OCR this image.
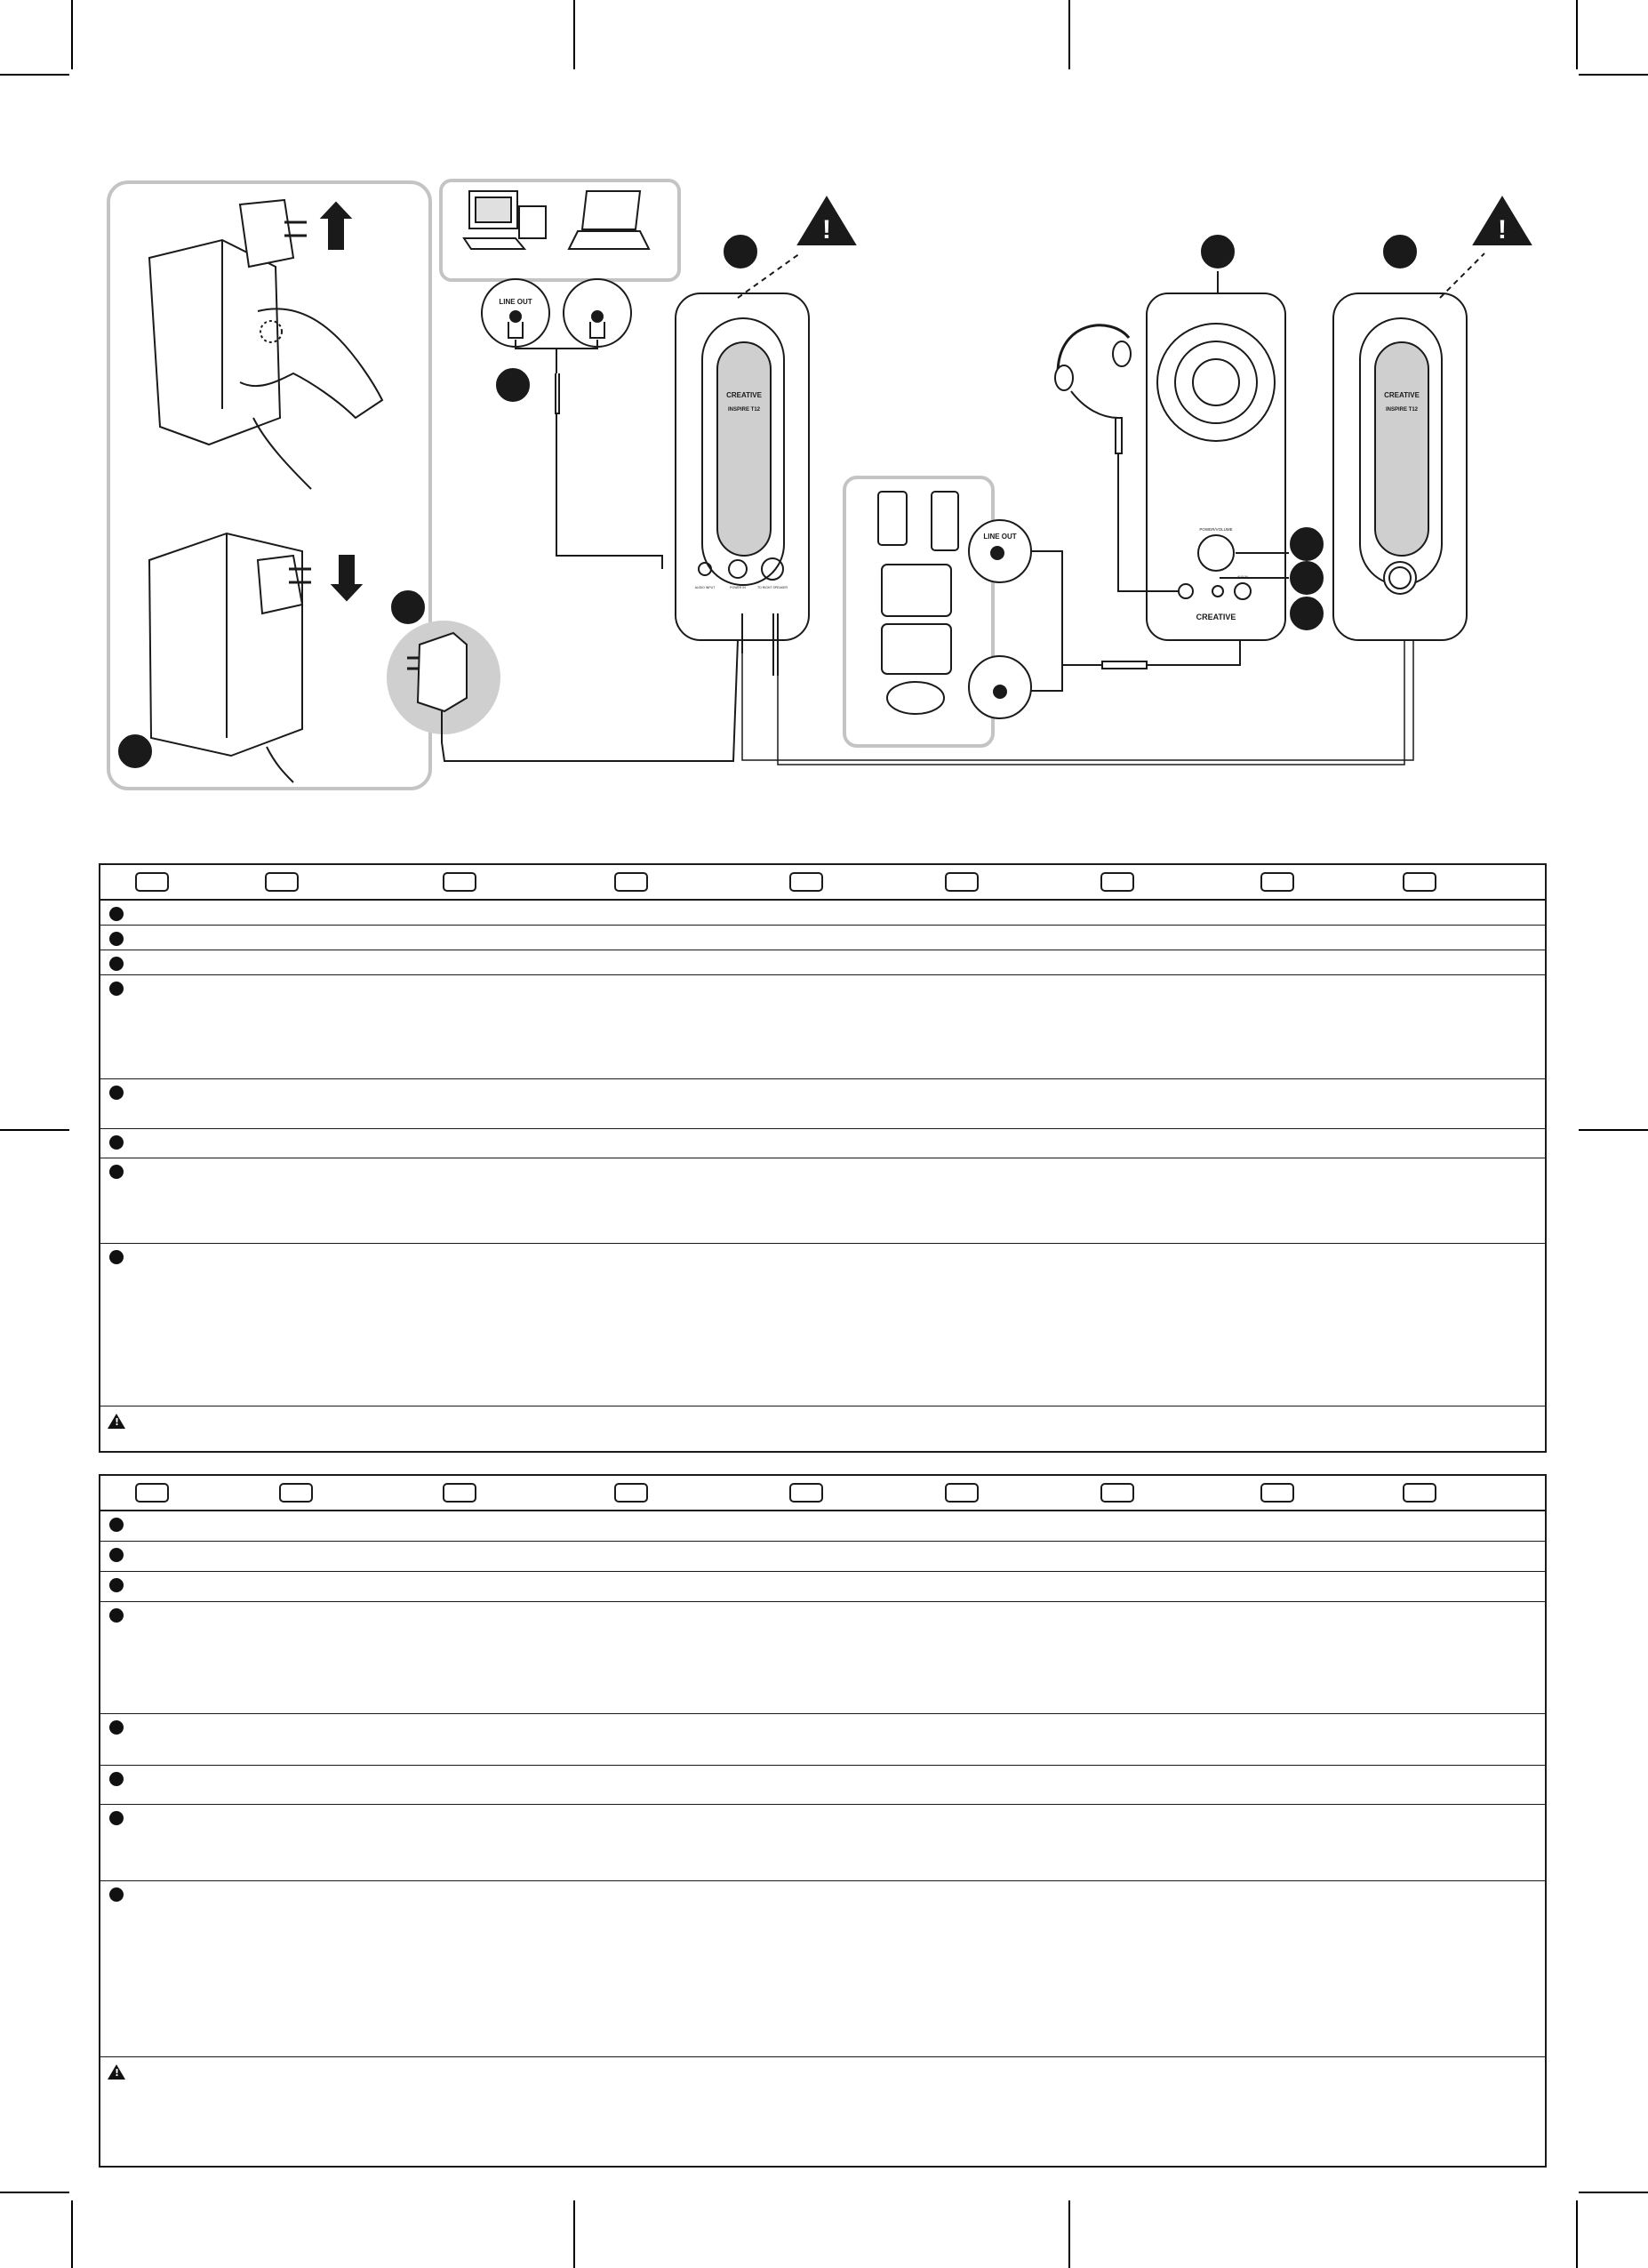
!	!
LINE OUT
LINE OUT
CREATIVE
INSPIRE T12
CREATIVE
INSPIRE T12
CREATIVE
AUDIO INPUT	POWER IN	TO RIGHT SPEAKER
POWER/VOLUME
AUX IN
!
!
